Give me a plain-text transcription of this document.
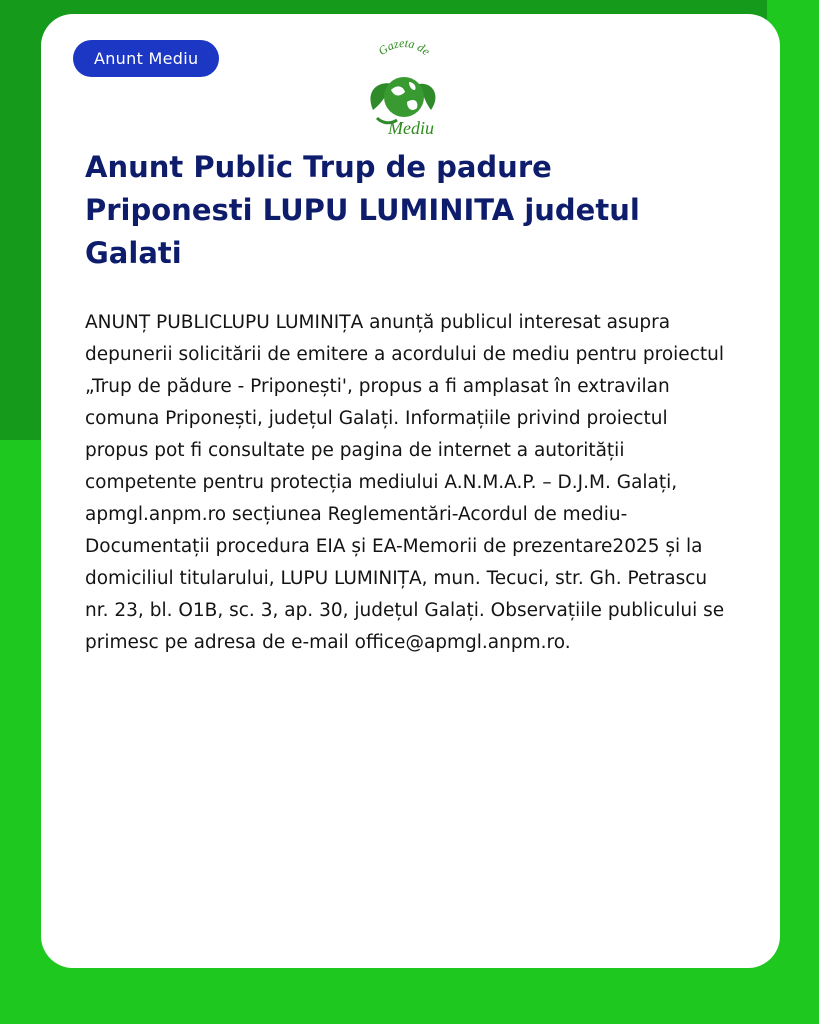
Anunt Mediu	Gazeta de
Mediu
Anunt Public Trup de padure Priponesti LUPU LUMINITA judetul Galati

ANUNȚ PUBLICLUPU LUMINIȚA anunță publicul interesat asupra depunerii solicitării de emitere a acordului de mediu pentru proiectul „Trup de pădure - Priponești', propus a fi amplasat în extravilan comuna Priponești, județul Galați. Informațiile privind proiectul propus pot fi consultate pe pagina de internet a autorității competente pentru protecția mediului A.N.M.A.P. – D.J.M. Galați, apmgl.anpm.ro secțiunea Reglementări-Acordul de mediu-Documentații procedura EIA și EA-Memorii de prezentare2025 și la domiciliul titularului, LUPU LUMINIȚA, mun. Tecuci, str. Gh. Petrascu nr. 23, bl. O1B, sc. 3, ap. 30, județul Galați. Observațiile publicului se primesc pe adresa de e-mail office@apmgl.anpm.ro.
